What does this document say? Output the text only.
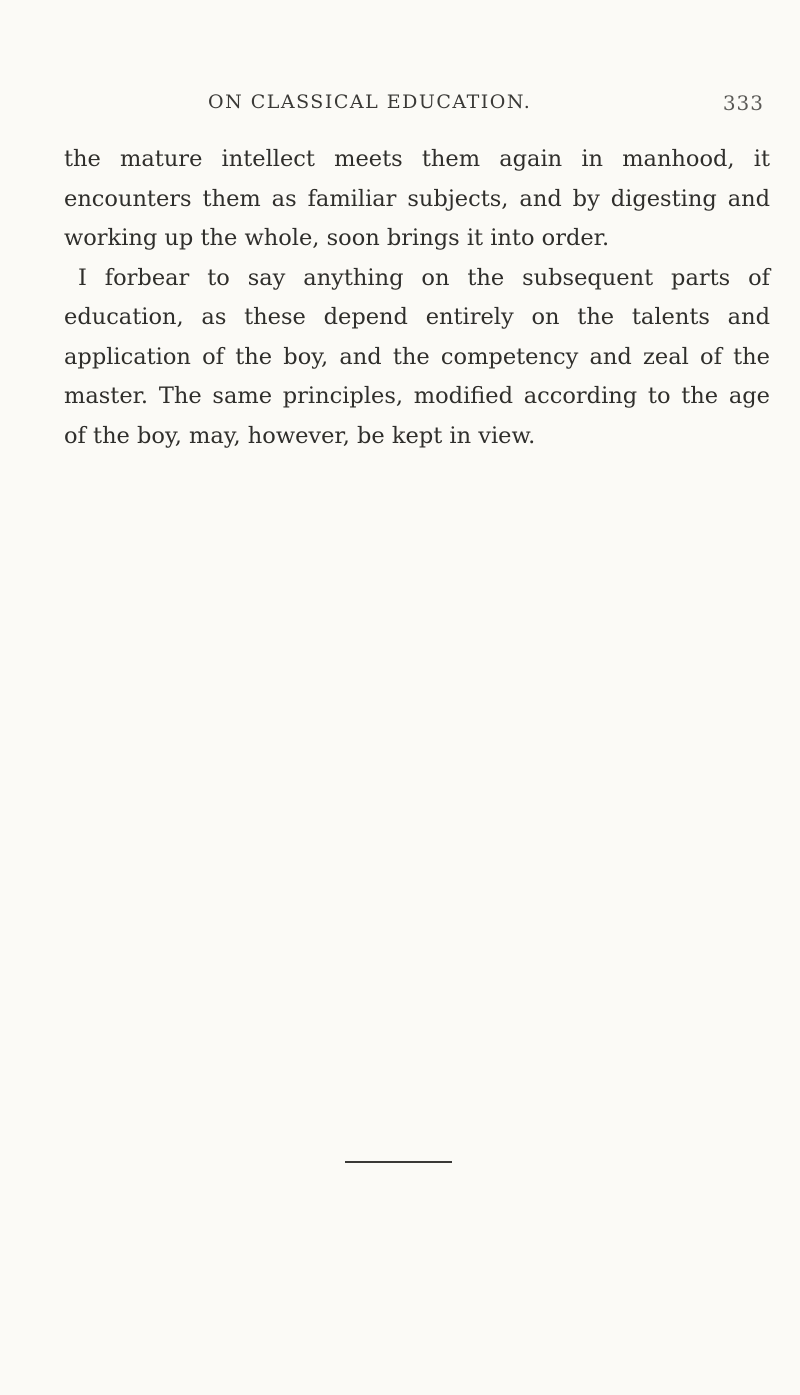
ON CLASSICAL EDUCATION.	333

the mature intellect meets them again in manhood, it encounters them as familiar subjects, and by digesting and working up the whole, soon brings it into order.

I forbear to say anything on the subsequent parts of education, as these depend entirely on the talents and application of the boy, and the competency and zeal of the master. The same principles, modified according to the age of the boy, may, however, be kept in view.
